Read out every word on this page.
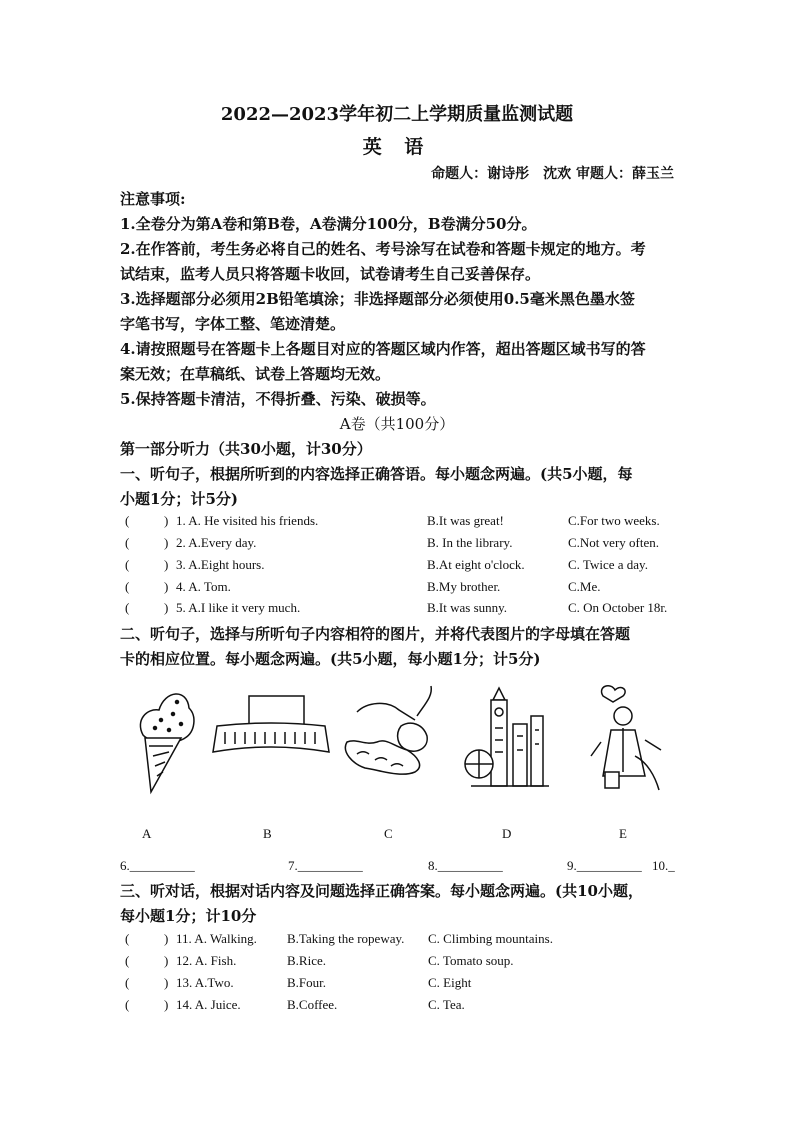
2022—2023学年初二上学期质量监测试题
英 语
命题人：谢诗彤　沈欢 审题人：薛玉兰
注意事项:
1.全卷分为第A卷和第B卷，A卷满分100分，B卷满分50分。
2.在作答前，考生务必将自己的姓名、考号涂写在试卷和答题卡规定的地方。考
试结束，监考人员只将答题卡收回，试卷请考生自己妥善保存。
3.选择题部分必须用2B铅笔填涂；非选择题部分必须使用0.5毫米黑色墨水签
字笔书写，字体工整、笔迹清楚。
4.请按照题号在答题卡上各题目对应的答题区域内作答，超出答题区域书写的答
案无效；在草稿纸、试卷上答题均无效。
5.保持答题卡清洁，不得折叠、污染、破损等。
A卷（共100分）
第一部分听力（共30小题，计30分）
一、听句子，根据所听到的内容选择正确答语。每小题念两遍。(共5小题，每
小题1分；计5分)
(	) 1. A. He visited his friends.	B.It was great!	C.For two weeks.
(	) 2. A.Every day.	B. In the library.	C.Not very often.
(	) 3. A.Eight hours.	B.At eight o'clock.	C. Twice a day.
(	) 4. A. Tom.	B.My brother.	C.Me.
(	) 5. A.I like it very much.	B.It was sunny.	C. On October 18r.
二、听句子，选择与所听句子内容相符的图片，并将代表图片的字母填在答题
卡的相应位置。每小题念两遍。(共5小题，每小题1分；计5分)
A	B	C	D	E
6.__________	7.__________	8.__________	9.__________ 10._
三、听对话，根据对话内容及问题选择正确答案。每小题念两遍。(共10小题，
每小题1分；计10分
(	) 11. A. Walking. B.Taking the ropeway. C. Climbing mountains.
(	) 12. A. Fish.	B.Rice.	C. Tomato soup.
(	) 13. A.Two.	B.Four.	C. Eight
(	) 14. A. Juice.	B.Coffee.	C. Tea.
